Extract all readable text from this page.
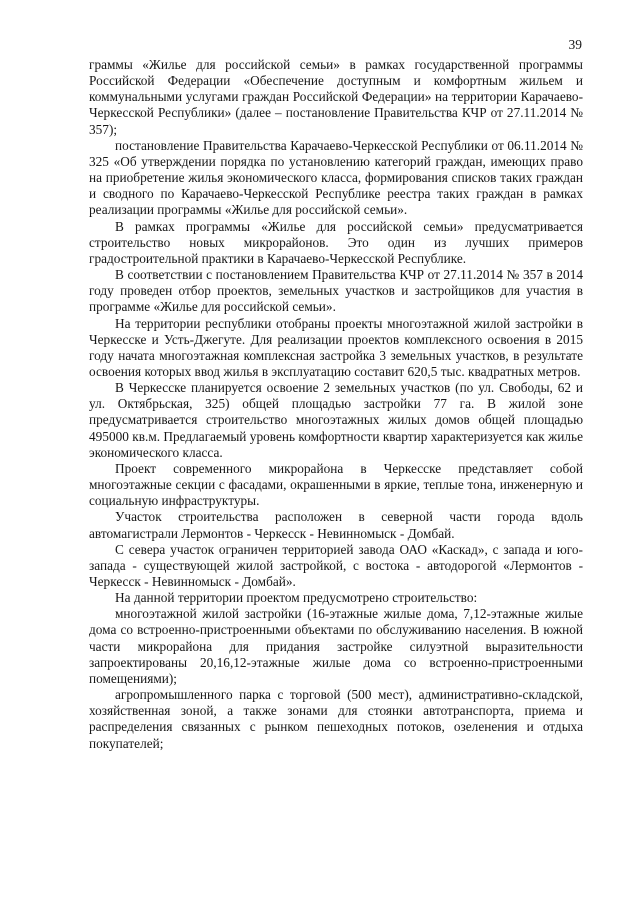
39

граммы «Жилье для российской семьи» в рамках государственной программы Российской Федерации «Обеспечение доступным и комфортным жильем и коммунальными услугами граждан Российской Федерации» на территории Карачаево-Черкесской Республики» (далее – постановление Правительства КЧР от 27.11.2014 № 357);

постановление Правительства Карачаево-Черкесской Республики от 06.11.2014 № 325 «Об утверждении порядка по установлению категорий граждан, имеющих право на приобретение жилья экономического класса, формирования списков таких граждан и сводного по Карачаево-Черкесской Республике реестра таких граждан в рамках реализации программы «Жилье для российской семьи».

В рамках программы «Жилье для российской семьи» предусматривается строительство новых микрорайонов. Это один из лучших примеров градостроительной практики в Карачаево-Черкесской Республике.

В соответствии с постановлением Правительства КЧР от 27.11.2014 № 357 в 2014 году проведен отбор проектов, земельных участков и застройщиков для участия в программе «Жилье для российской семьи».

На территории республики отобраны проекты многоэтажной жилой застройки в Черкесске и Усть-Джегуте. Для реализации проектов комплексного освоения в 2015 году начата многоэтажная комплексная застройка 3 земельных участков, в результате освоения которых ввод жилья в эксплуатацию составит 620,5 тыс. квадратных метров.

В Черкесске планируется освоение 2 земельных участков (по ул. Свободы, 62 и ул. Октябрьская, 325) общей площадью застройки 77 га. В жилой зоне предусматривается строительство многоэтажных жилых домов общей площадью 495000 кв.м. Предлагаемый уровень комфортности квартир характеризуется как жилье экономического класса.

Проект современного микрорайона в Черкесске представляет собой многоэтажные секции с фасадами, окрашенными в яркие, теплые тона, инженерную и социальную инфраструктуры.

Участок строительства расположен в северной части города вдоль автомагистрали Лермонтов - Черкесск - Невинномыск - Домбай.

С севера участок ограничен территорией завода ОАО «Каскад», с запада и юго-запада - существующей жилой застройкой, с востока - автодорогой «Лермонтов - Черкесск - Невинномыск - Домбай».

На данной территории проектом предусмотрено строительство:

многоэтажной жилой застройки (16-этажные жилые дома, 7,12-этажные жилые дома со встроенно-пристроенными объектами по обслуживанию населения. В южной части микрорайона для придания застройке силуэтной выразительности запроектированы 20,16,12-этажные жилые дома со встроенно-пристроенными помещениями);

агропромышленного парка с торговой (500 мест), административно-складской, хозяйственная зоной, а также зонами для стоянки автотранспорта, приема и распределения связанных с рынком пешеходных потоков, озеленения и отдыха покупателей;
